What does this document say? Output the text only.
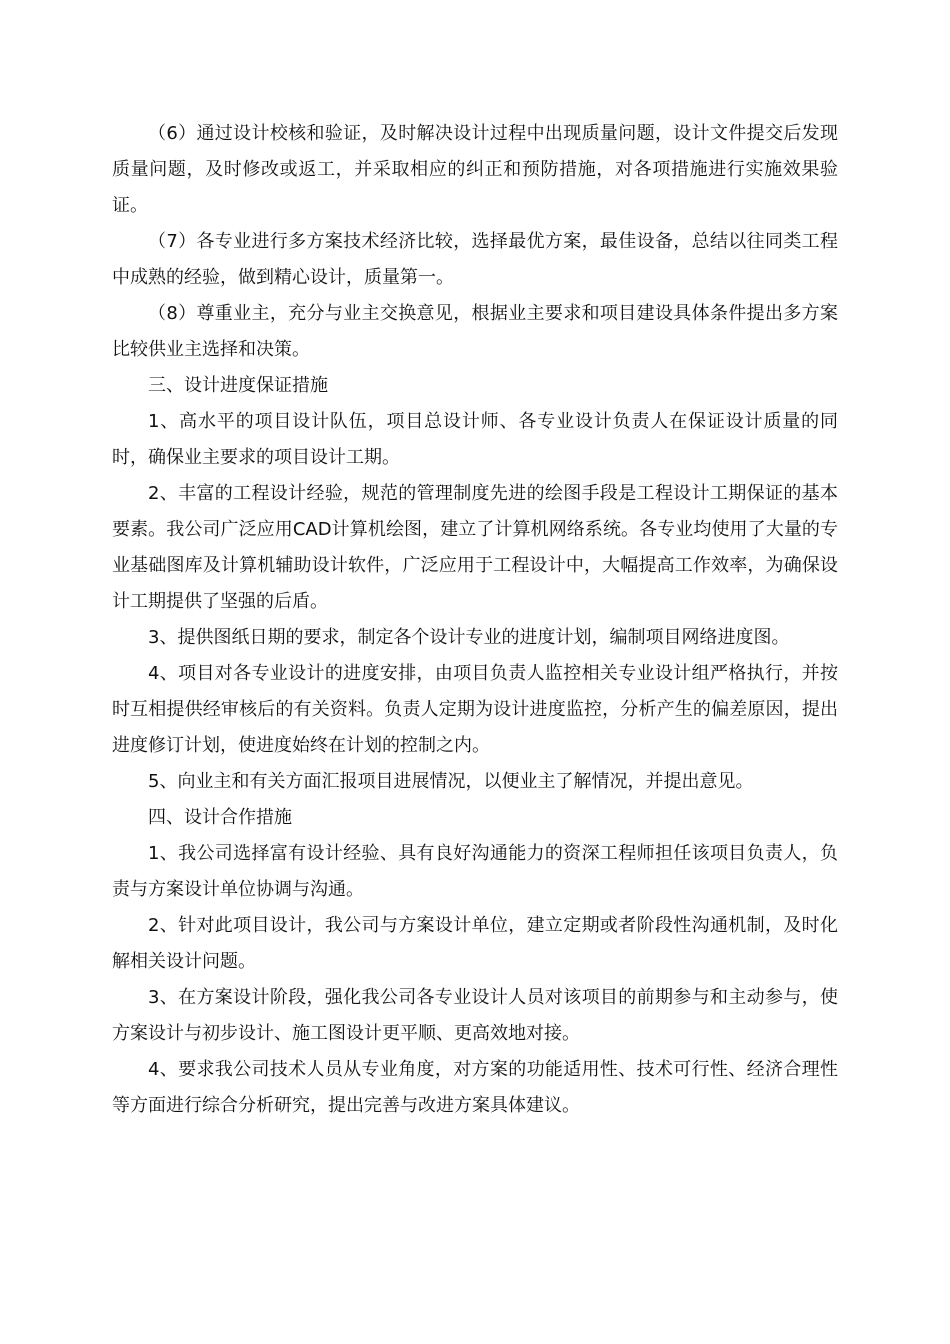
（6）通过设计校核和验证，及时解决设计过程中出现质量问题，设计文件提交后发现质量问题，及时修改或返工，并采取相应的纠正和预防措施，对各项措施进行实施效果验证。

（7）各专业进行多方案技术经济比较，选择最优方案，最佳设备，总结以往同类工程中成熟的经验，做到精心设计，质量第一。

（8）尊重业主，充分与业主交换意见，根据业主要求和项目建设具体条件提出多方案比较供业主选择和决策。

三、设计进度保证措施

1、高水平的项目设计队伍，项目总设计师、各专业设计负责人在保证设计质量的同时，确保业主要求的项目设计工期。

2、丰富的工程设计经验，规范的管理制度先进的绘图手段是工程设计工期保证的基本要素。我公司广泛应用CAD计算机绘图，建立了计算机网络系统。各专业均使用了大量的专业基础图库及计算机辅助设计软件，广泛应用于工程设计中，大幅提高工作效率，为确保设计工期提供了坚强的后盾。

3、提供图纸日期的要求，制定各个设计专业的进度计划，编制项目网络进度图。

4、项目对各专业设计的进度安排，由项目负责人监控相关专业设计组严格执行，并按时互相提供经审核后的有关资料。负责人定期为设计进度监控，分析产生的偏差原因，提出进度修订计划，使进度始终在计划的控制之内。

5、向业主和有关方面汇报项目进展情况，以便业主了解情况，并提出意见。

四、设计合作措施

1、我公司选择富有设计经验、具有良好沟通能力的资深工程师担任该项目负责人，负责与方案设计单位协调与沟通。

2、针对此项目设计，我公司与方案设计单位，建立定期或者阶段性沟通机制，及时化解相关设计问题。

3、在方案设计阶段，强化我公司各专业设计人员对该项目的前期参与和主动参与，使方案设计与初步设计、施工图设计更平顺、更高效地对接。

4、要求我公司技术人员从专业角度，对方案的功能适用性、技术可行性、经济合理性等方面进行综合分析研究，提出完善与改进方案具体建议。
